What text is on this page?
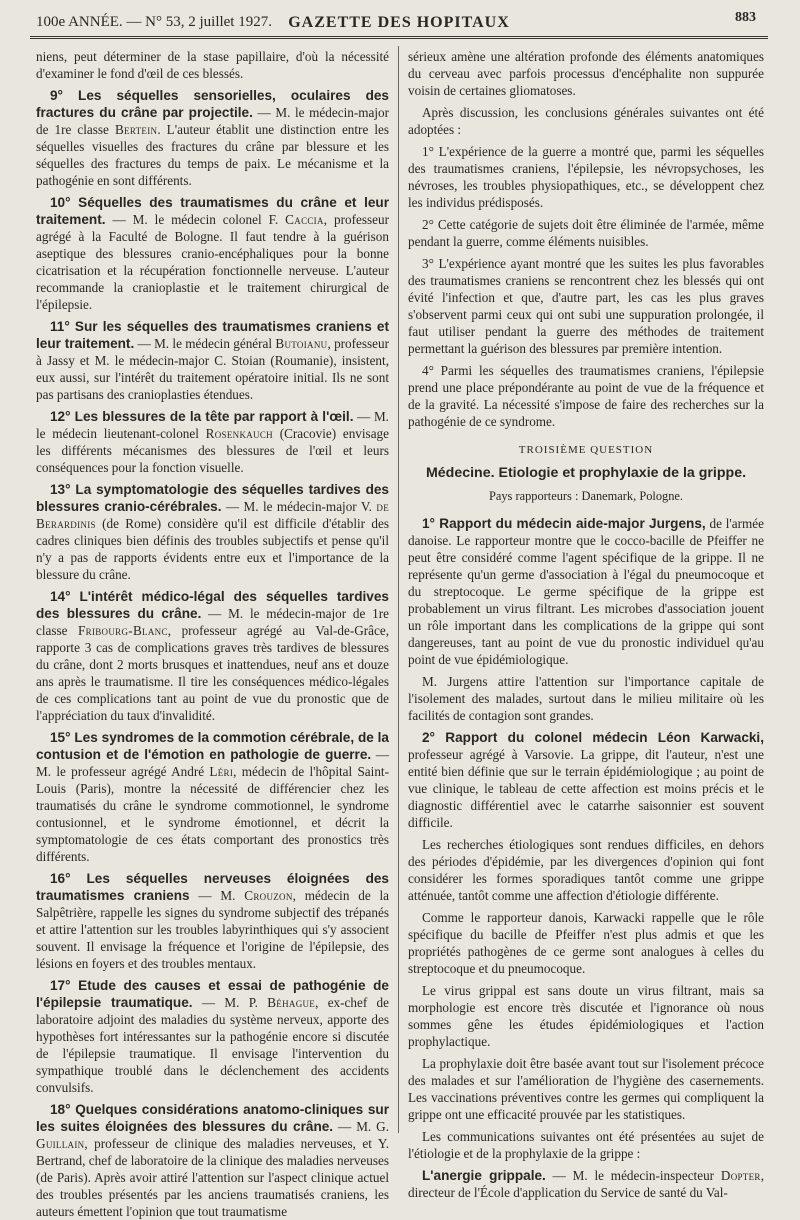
100e ANNÉE. — N° 53, 2 juillet 1927.	GAZETTE DES HOPITAUX	883

niens, peut déterminer de la stase papillaire, d'où la nécessité d'examiner le fond d'œil de ces blessés.

9° Les séquelles sensorielles, oculaires des fractures du crâne par projectile. — M. le médecin-major de 1re classe Bertein. L'auteur établit une distinction entre les séquelles visuelles des fractures du crâne par blessure et les séquelles des fractures du temps de paix. Le mécanisme et la pathogénie en sont différents.

10° Séquelles des traumatismes du crâne et leur traitement. — M. le médecin colonel F. Caccia, professeur agrégé à la Faculté de Bologne. Il faut tendre à la guérison aseptique des blessures cranio-encéphaliques pour la bonne cicatrisation et la récupération fonctionnelle nerveuse. L'auteur recommande la cranioplastie et le traitement chirurgical de l'épilepsie.

11° Sur les séquelles des traumatismes craniens et leur traitement. — M. le médecin général Butoianu, professeur à Jassy et M. le médecin-major C. Stoian (Roumanie), insistent, eux aussi, sur l'intérêt du traitement opératoire initial. Ils ne sont pas partisans des cranioplasties étendues.

12° Les blessures de la tête par rapport à l'œil. — M. le médecin lieutenant-colonel Rosenkauch (Cracovie) envisage les différents mécanismes des blessures de l'œil et leurs conséquences pour la fonction visuelle.

13° La symptomatologie des séquelles tardives des blessures cranio-cérébrales. — M. le médecin-major V. de Berardinis (de Rome) considère qu'il est difficile d'établir des cadres cliniques bien définis des troubles subjectifs et pense qu'il n'y a pas de rapports évidents entre eux et l'importance de la blessure du crâne.

14° L'intérêt médico-légal des séquelles tardives des blessures du crâne. — M. le médecin-major de 1re classe Fribourg-Blanc, professeur agrégé au Val-de-Grâce, rapporte 3 cas de complications graves très tardives de blessures du crâne, dont 2 morts brusques et inattendues, neuf ans et douze ans après le traumatisme. Il tire les conséquences médico-légales de ces complications tant au point de vue du pronostic que de l'appréciation du taux d'invalidité.

15° Les syndromes de la commotion cérébrale, de la contusion et de l'émotion en pathologie de guerre. — M. le professeur agrégé André Léri, médecin de l'hôpital Saint-Louis (Paris), montre la nécessité de différencier chez les traumatisés du crâne le syndrome commotionnel, le syndrome contusionnel, et le syndrome émotionnel, et décrit la symptomatologie de ces états comportant des pronostics très différents.

16° Les séquelles nerveuses éloignées des traumatismes craniens — M. Crouzon, médecin de la Salpêtrière, rappelle les signes du syndrome subjectif des trépanés et attire l'attention sur les troubles labyrinthiques qui s'y associent souvent. Il envisage la fréquence et l'origine de l'épilepsie, des lésions en foyers et des troubles mentaux.

17° Etude des causes et essai de pathogénie de l'épilepsie traumatique. — M. P. Béhague, ex-chef de laboratoire adjoint des maladies du système nerveux, apporte des hypothèses fort intéressantes sur la pathogénie encore si discutée de l'épilepsie traumatique. Il envisage l'intervention du sympathique troublé dans le déclenchement des accidents convulsifs.

18° Quelques considérations anatomo-cliniques sur les suites éloignées des blessures du crâne. — M. G. Guillain, professeur de clinique des maladies nerveuses, et Y. Bertrand, chef de laboratoire de la clinique des maladies nerveuses (de Paris). Après avoir attiré l'attention sur l'aspect clinique actuel des troubles présentés par les anciens traumatisés craniens, les auteurs émettent l'opinion que tout traumatisme

sérieux amène une altération profonde des éléments anatomiques du cerveau avec parfois processus d'encéphalite non suppurée voisin de certaines gliomatoses.

Après discussion, les conclusions générales suivantes ont été adoptées :

1° L'expérience de la guerre a montré que, parmi les séquelles des traumatismes craniens, l'épilepsie, les névropsychoses, les névroses, les troubles physiopathiques, etc., se développent chez les individus prédisposés.

2° Cette catégorie de sujets doit être éliminée de l'armée, même pendant la guerre, comme éléments nuisibles.

3° L'expérience ayant montré que les suites les plus favorables des traumatismes craniens se rencontrent chez les blessés qui ont évité l'infection et que, d'autre part, les cas les plus graves s'observent parmi ceux qui ont subi une suppuration prolongée, il faut utiliser pendant la guerre des méthodes de traitement permettant la guérison des blessures par première intention.

4° Parmi les séquelles des traumatismes craniens, l'épilepsie prend une place prépondérante au point de vue de la fréquence et de la gravité. La nécessité s'impose de faire des recherches sur la pathogénie de ce syndrome.

TROISIÈME QUESTION
Médecine. Etiologie et prophylaxie de la grippe.
Pays rapporteurs : Danemark, Pologne.

1° Rapport du médecin aide-major Jurgens, de l'armée danoise. Le rapporteur montre que le cocco-bacille de Pfeiffer ne peut être considéré comme l'agent spécifique de la grippe. Il ne représente qu'un germe d'association à l'égal du pneumocoque et du streptocoque. Le germe spécifique de la grippe est probablement un virus filtrant. Les microbes d'association jouent un rôle important dans les complications de la grippe qui sont dangereuses, tant au point de vue du pronostic individuel qu'au point de vue épidémiologique.

M. Jurgens attire l'attention sur l'importance capitale de l'isolement des malades, surtout dans le milieu militaire où les facilités de contagion sont grandes.

2° Rapport du colonel médecin Léon Karwacki, professeur agrégé à Varsovie. La grippe, dit l'auteur, n'est une entité bien définie que sur le terrain épidémiologique ; au point de vue clinique, le tableau de cette affection est moins précis et le diagnostic différentiel avec le catarrhe saisonnier est souvent difficile.

Les recherches étiologiques sont rendues difficiles, en dehors des périodes d'épidémie, par les divergences d'opinion qui font considérer les formes sporadiques tantôt comme une grippe atténuée, tantôt comme une affection d'étiologie différente.

Comme le rapporteur danois, Karwacki rappelle que le rôle spécifique du bacille de Pfeiffer n'est plus admis et que les propriétés pathogènes de ce germe sont analogues à celles du streptocoque et du pneumocoque.

Le virus grippal est sans doute un virus filtrant, mais sa morphologie est encore très discutée et l'ignorance où nous sommes gêne les études épidémiologiques et l'action prophylactique.

La prophylaxie doit être basée avant tout sur l'isolement précoce des malades et sur l'amélioration de l'hygiène des casernements. Les vaccinations préventives contre les germes qui compliquent la grippe ont une efficacité prouvée par les statistiques.

Les communications suivantes ont été présentées au sujet de l'étiologie et de la prophylaxie de la grippe :

L'anergie grippale. — M. le médecin-inspecteur Dopter, directeur de l'École d'application du Service de santé du Val-
